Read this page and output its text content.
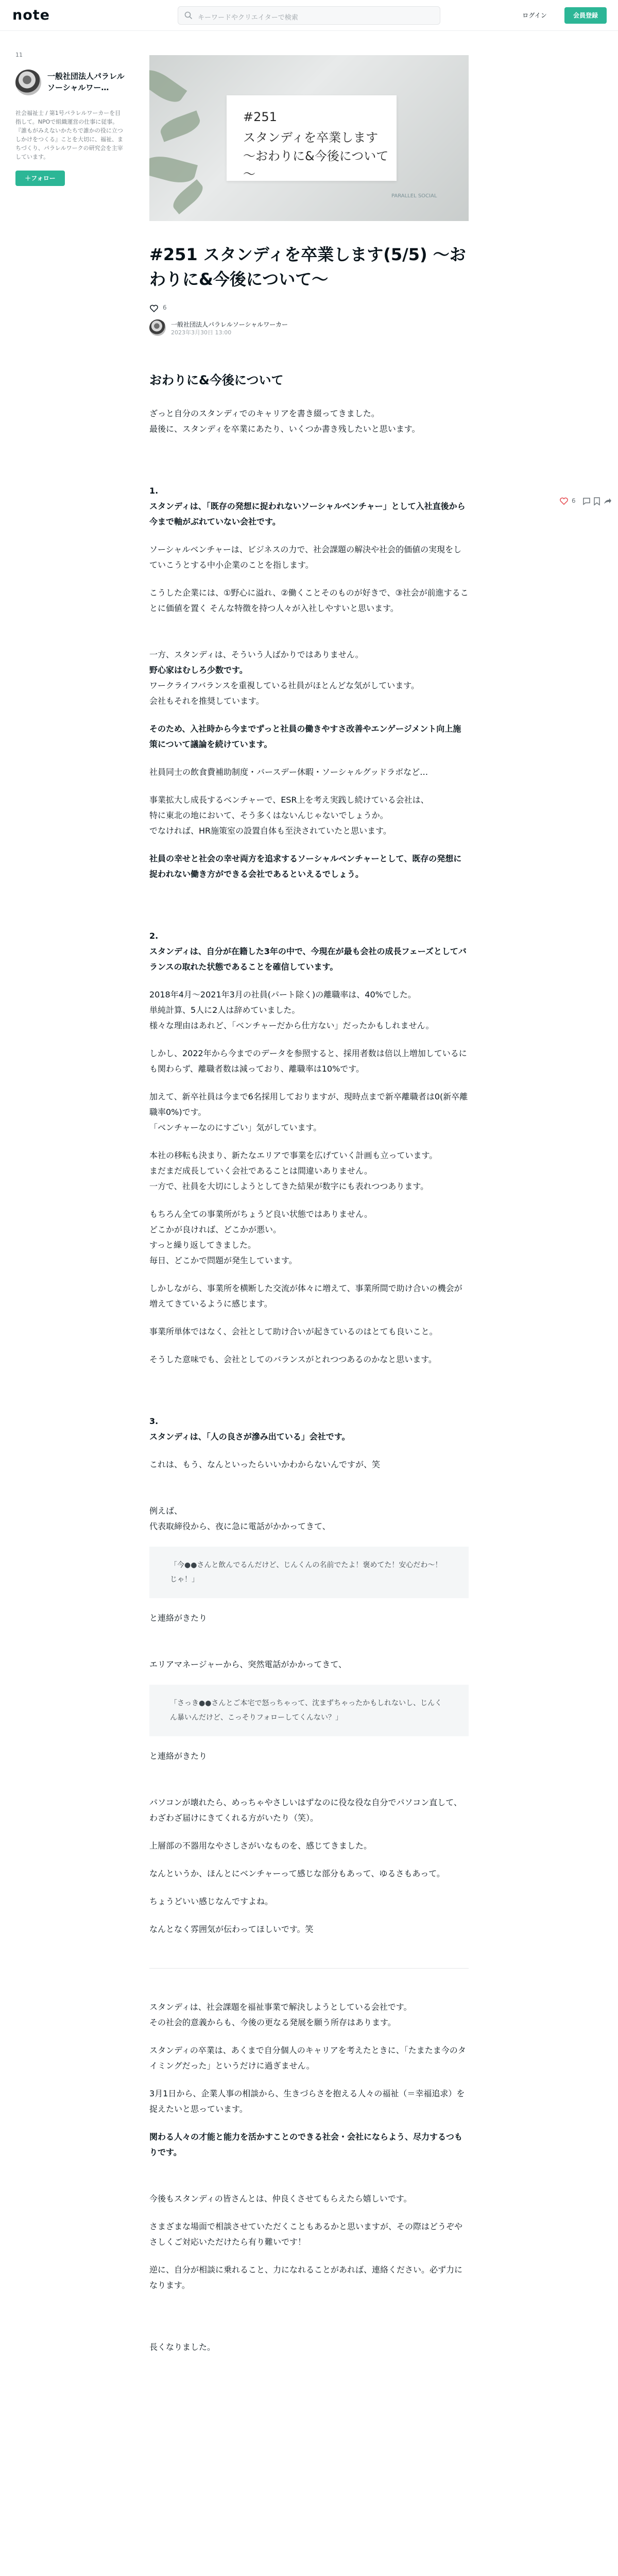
note	キーワードやクリエイターで検索	ログイン	会員登録
11
一般社団法人パラレルソーシャルワー…
社会福祉士 / 第1号パラレルワーカーを目指して。NPOで組織運営の仕事に従事。『誰もがみえないかたちで誰かの役に立つしかけをつくる』ことを大切に、福祉、まちづくり、パラレルワークの研究会を主宰しています。
＋フォロー
#251
スタンディを卒業します
～おわりに&今後について～
PARALLEL SOCIAL
6
#251 スタンディを卒業します(5/5) 〜おわりに&今後について〜
6
一般社団法人パラレルソーシャルワーカー
2023年3月30日 13:00
おわりに&今後について

ざっと自分のスタンディでのキャリアを書き綴ってきました。

最後に、スタンディを卒業にあたり、いくつか書き残したいと思います。

1.

スタンディは、「既存の発想に捉われないソーシャルベンチャー」として入社直後から今まで軸がぶれていない会社です。

ソーシャルベンチャーは、ビジネスの力で、社会課題の解決や社会的価値の実現をしていこうとする中小企業のことを指します。

こうした企業には、①野心に溢れ、②働くことそのものが好きで、③社会が前進することに価値を置く そんな特徴を持つ人々が入社しやすいと思います。

一方、スタンディは、そういう人ばかりではありません。

野心家はむしろ少数です。

ワークライフバランスを重視している社員がほとんどな気がしています。

会社もそれを推奨しています。

そのため、入社時から今までずっと社員の働きやすさ改善やエンゲージメント向上施策について議論を続けています。

社員同士の飲食費補助制度・バースデー休暇・ソーシャルグッドラボなど…

事業拡大し成長するベンチャーで、ESR上を考え実践し続けている会社は、

特に東北の地において、そう多くはないんじゃないでしょうか。

でなければ、HR施策室の設置自体も至決されていたと思います。

社員の幸せと社会の幸せ両方を追求するソーシャルベンチャーとして、既存の発想に捉われない働き方ができる会社であるといえるでしょう。

2.

スタンディは、自分が在籍した3年の中で、今現在が最も会社の成長フェーズとしてバランスの取れた状態であることを確信しています。

2018年4月〜2021年3月の社員(パート除く)の離職率は、40%でした。

単純計算、5人に2人は辞めていました。

様々な理由はあれど、「ベンチャーだから仕方ない」だったかもしれません。

しかし、2022年から今までのデータを参照すると、採用者数は倍以上増加しているにも関わらず、離職者数は減っており、離職率は10%です。

加えて、新卒社員は今まで6名採用しておりますが、現時点まで新卒離職者は0(新卒離職率0%)です。

「ベンチャーなのにすごい」気がしています。

本社の移転も決まり、新たなエリアで事業を広げていく計画も立っています。

まだまだ成長していく会社であることは間違いありません。

一方で、社員を大切にしようとしてきた結果が数字にも表れつつあります。

もちろん全ての事業所がちょうど良い状態ではありません。

どこかが良ければ、どこかが悪い。

すっと繰り返してきました。

毎日、どこかで問題が発生しています。

しかしながら、事業所を横断した交流が体々に増えて、事業所間で助け合いの機会が増えてきているように感じます。

事業所単体ではなく、会社として助け合いが起きているのはとても良いこと。

そうした意味でも、会社としてのバランスがとれつつあるのかなと思います。

3.

スタンディは、「人の良さが滲み出ている」会社です。

これは、もう、なんといったらいいかわからないんですが、笑

例えば、

代表取締役から、夜に急に電話がかかってきて、

「今●●さんと飲んでるんだけど、じんくんの名前でたよ！褒めてた！安心だわ〜！じゃ！」

と連絡がきたり

エリアマネージャーから、突然電話がかかってきて、

「さっき●●さんとご本宅で怒っちゃって、沈まずちゃったかもしれないし、じんくん暴いんだけど、こっそりフォローしてくんない？」

と連絡がきたり

パソコンが壊れたら、めっちゃやさしいはずなのに役な役な自分でパソコン直して、わざわざ届けにきてくれる方がいたり（笑）。

上層部の不器用なやさしさがいなものを、感じてきました。

なんというか、ほんとにベンチャーって感じな部分もあって、ゆるさもあって。

ちょうどいい感じなんですよね。

なんとなく雰囲気が伝わってほしいです。笑

スタンディは、社会課題を福祉事業で解決しようとしている会社です。

その社会的意義からも、今後の更なる発展を願う所存はあります。

スタンディの卒業は、あくまで自分個人のキャリアを考えたときに、「たまたま今のタイミングだった」というだけに過ぎません。

3月1日から、企業人事の相談から、生きづらさを抱える人々の福祉（＝幸福追求）を捉えたいと思っています。

関わる人々の才能と能力を活かすことのできる社会・会社にならよう、尽力するつもりです。

今後もスタンディの皆さんとは、仲良くさせてもらえたら嬉しいです。

さまざまな場面で相談させていただくこともあるかと思いますが、その際はどうぞやさしくご対応いただけたら有り難いです！

逆に、自分が相談に乗れること、力になれることがあれば、連絡ください。必ず力になります。

長くなりました。
